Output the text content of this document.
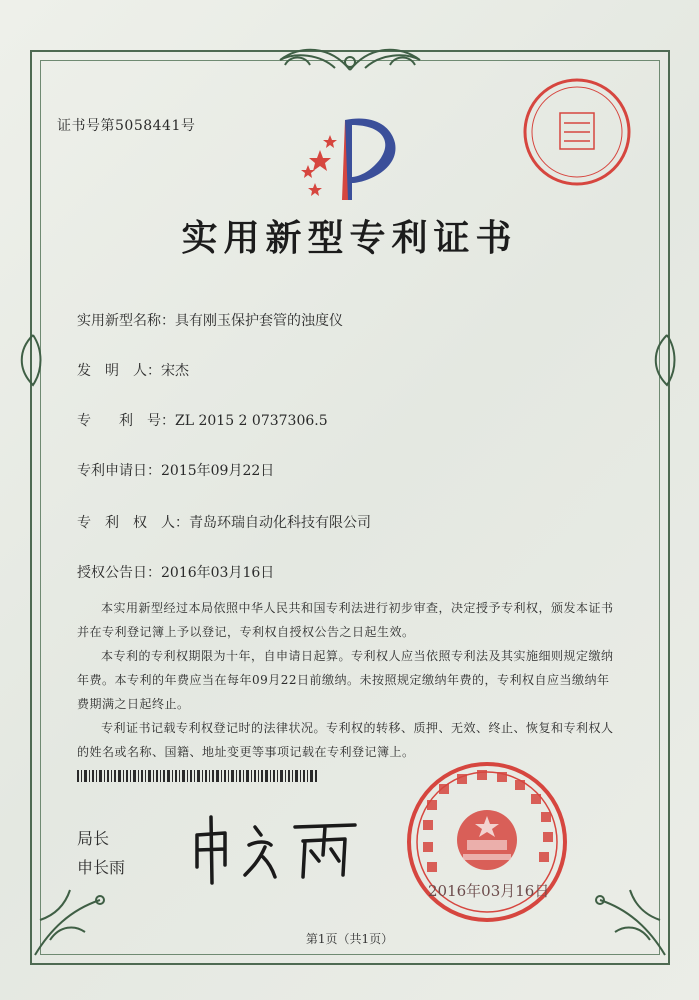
证书号第5058441号
实用新型专利证书
实用新型名称：具有刚玉保护套管的浊度仪
发　明　人：宋杰
专　　利　号：ZL 2015 2 0737306.5
专利申请日：2015年09月22日
专　利　权　人：青岛环瑞自动化科技有限公司
授权公告日：2016年03月16日
本实用新型经过本局依照中华人民共和国专利法进行初步审查，决定授予专利权，颁发本证书并在专利登记簿上予以登记，专利权自授权公告之日起生效。
本专利的专利权期限为十年，自申请日起算。专利权人应当依照专利法及其实施细则规定缴纳年费。本专利的年费应当在每年09月22日前缴纳。未按照规定缴纳年费的，专利权自应当缴纳年费期满之日起终止。
专利证书记载专利权登记时的法律状况。专利权的转移、质押、无效、终止、恢复和专利权人的姓名或名称、国籍、地址变更等事项记载在专利登记簿上。
局长
申长雨
2016年03月16日
第1页（共1页）
